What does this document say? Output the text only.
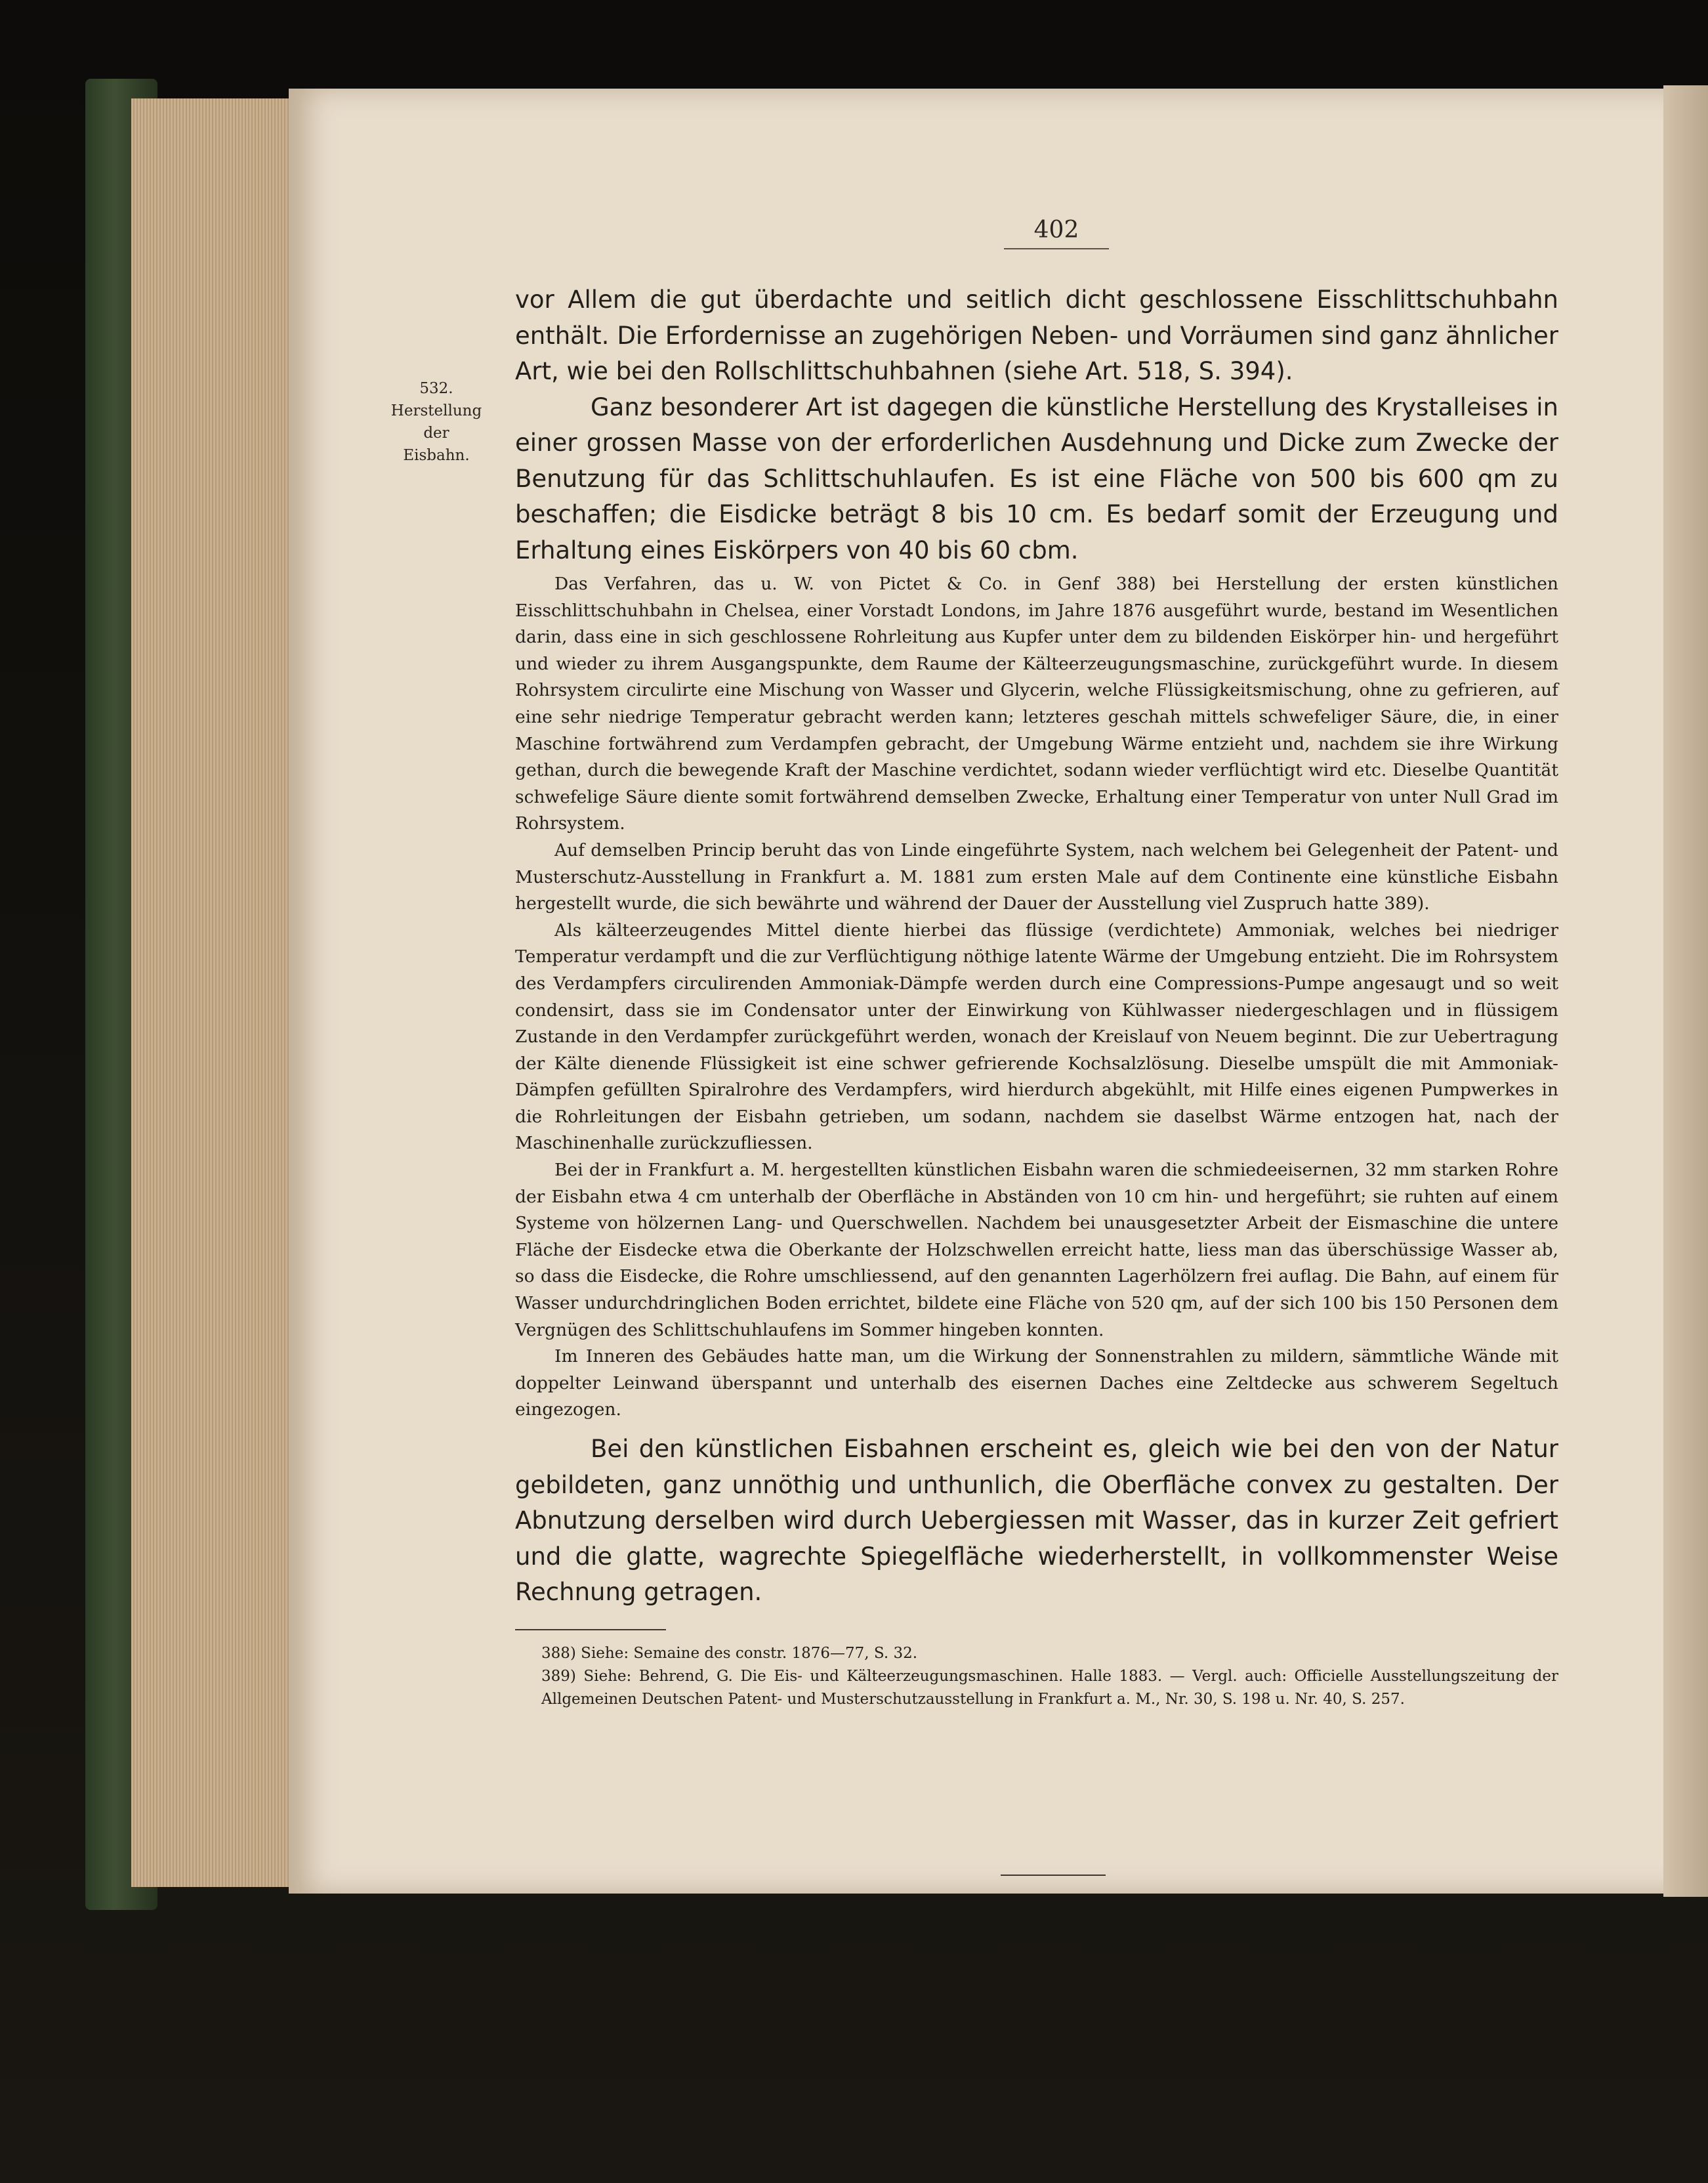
402
532.
Herstellung
der
Eisbahn.

vor Allem die gut überdachte und seitlich dicht geschlossene Eisschlittschuhbahn enthält. Die Erfordernisse an zugehörigen Neben- und Vorräumen sind ganz ähnlicher Art, wie bei den Rollschlittschuhbahnen (siehe Art. 518, S. 394).

Ganz besonderer Art ist dagegen die künstliche Herstellung des Krystalleises in einer grossen Masse von der erforderlichen Ausdehnung und Dicke zum Zwecke der Benutzung für das Schlittschuhlaufen. Es ist eine Fläche von 500 bis 600 qm zu beschaffen; die Eisdicke beträgt 8 bis 10 cm. Es bedarf somit der Erzeugung und Erhaltung eines Eiskörpers von 40 bis 60 cbm.

Das Verfahren, das u. W. von Pictet & Co. in Genf 388) bei Herstellung der ersten künstlichen Eisschlittschuhbahn in Chelsea, einer Vorstadt Londons, im Jahre 1876 ausgeführt wurde, bestand im Wesentlichen darin, dass eine in sich geschlossene Rohrleitung aus Kupfer unter dem zu bildenden Eiskörper hin- und hergeführt und wieder zu ihrem Ausgangspunkte, dem Raume der Kälteerzeugungsmaschine, zurückgeführt wurde. In diesem Rohrsystem circulirte eine Mischung von Wasser und Glycerin, welche Flüssigkeitsmischung, ohne zu gefrieren, auf eine sehr niedrige Temperatur gebracht werden kann; letzteres geschah mittels schwefeliger Säure, die, in einer Maschine fortwährend zum Verdampfen gebracht, der Umgebung Wärme entzieht und, nachdem sie ihre Wirkung gethan, durch die bewegende Kraft der Maschine verdichtet, sodann wieder verflüchtigt wird etc. Dieselbe Quantität schwefelige Säure diente somit fortwährend demselben Zwecke, Erhaltung einer Temperatur von unter Null Grad im Rohrsystem.

Auf demselben Princip beruht das von Linde eingeführte System, nach welchem bei Gelegenheit der Patent- und Musterschutz-Ausstellung in Frankfurt a. M. 1881 zum ersten Male auf dem Continente eine künstliche Eisbahn hergestellt wurde, die sich bewährte und während der Dauer der Ausstellung viel Zuspruch hatte 389).

Als kälteerzeugendes Mittel diente hierbei das flüssige (verdichtete) Ammoniak, welches bei niedriger Temperatur verdampft und die zur Verflüchtigung nöthige latente Wärme der Umgebung entzieht. Die im Rohrsystem des Verdampfers circulirenden Ammoniak-Dämpfe werden durch eine Compressions-Pumpe angesaugt und so weit condensirt, dass sie im Condensator unter der Einwirkung von Kühlwasser niedergeschlagen und in flüssigem Zustande in den Verdampfer zurückgeführt werden, wonach der Kreislauf von Neuem beginnt. Die zur Uebertragung der Kälte dienende Flüssigkeit ist eine schwer gefrierende Kochsalzlösung. Dieselbe umspült die mit Ammoniak-Dämpfen gefüllten Spiralrohre des Verdampfers, wird hierdurch abgekühlt, mit Hilfe eines eigenen Pumpwerkes in die Rohrleitungen der Eisbahn getrieben, um sodann, nachdem sie daselbst Wärme entzogen hat, nach der Maschinenhalle zurückzufliessen.

Bei der in Frankfurt a. M. hergestellten künstlichen Eisbahn waren die schmiedeeisernen, 32 mm starken Rohre der Eisbahn etwa 4 cm unterhalb der Oberfläche in Abständen von 10 cm hin- und hergeführt; sie ruhten auf einem Systeme von hölzernen Lang- und Querschwellen. Nachdem bei unausgesetzter Arbeit der Eismaschine die untere Fläche der Eisdecke etwa die Oberkante der Holzschwellen erreicht hatte, liess man das überschüssige Wasser ab, so dass die Eisdecke, die Rohre umschliessend, auf den genannten Lagerhölzern frei auflag. Die Bahn, auf einem für Wasser undurchdringlichen Boden errichtet, bildete eine Fläche von 520 qm, auf der sich 100 bis 150 Personen dem Vergnügen des Schlittschuhlaufens im Sommer hingeben konnten.

Im Inneren des Gebäudes hatte man, um die Wirkung der Sonnenstrahlen zu mildern, sämmtliche Wände mit doppelter Leinwand überspannt und unterhalb des eisernen Daches eine Zeltdecke aus schwerem Segeltuch eingezogen.

Bei den künstlichen Eisbahnen erscheint es, gleich wie bei den von der Natur gebildeten, ganz unnöthig und unthunlich, die Oberfläche convex zu gestalten. Der Abnutzung derselben wird durch Uebergiessen mit Wasser, das in kurzer Zeit gefriert und die glatte, wagrechte Spiegelfläche wiederherstellt, in vollkommenster Weise Rechnung getragen.

388) Siehe: Semaine des constr. 1876—77, S. 32.

389) Siehe: Behrend, G. Die Eis- und Kälteerzeugungsmaschinen. Halle 1883. — Vergl. auch: Officielle Ausstellungszeitung der Allgemeinen Deutschen Patent- und Musterschutzausstellung in Frankfurt a. M., Nr. 30, S. 198 u. Nr. 40, S. 257.
